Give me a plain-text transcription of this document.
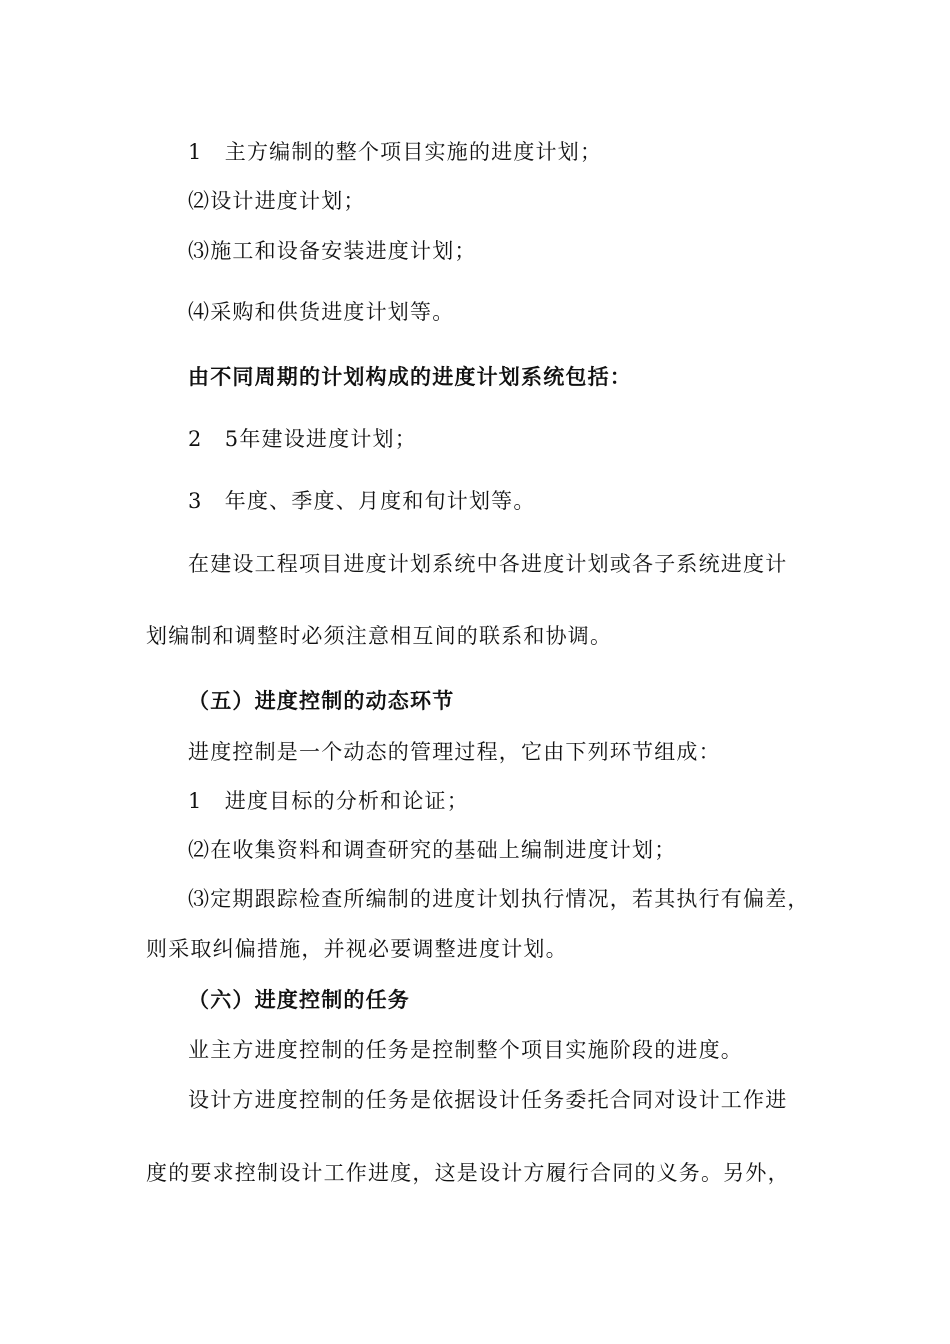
1　主方编制的整个项目实施的进度计划；
⑵设计进度计划；
⑶施工和设备安装进度计划；
⑷采购和供货进度计划等。
由不同周期的计划构成的进度计划系统包括：
2　5年建设进度计划；
3　年度、季度、月度和旬计划等。
在建设工程项目进度计划系统中各进度计划或各子系统进度计
划编制和调整时必须注意相互间的联系和协调。
（五）进度控制的动态环节
进度控制是一个动态的管理过程，它由下列环节组成：
1　进度目标的分析和论证；
⑵在收集资料和调查研究的基础上编制进度计划；
⑶定期跟踪检查所编制的进度计划执行情况，若其执行有偏差，
则采取纠偏措施，并视必要调整进度计划。
（六）进度控制的任务
业主方进度控制的任务是控制整个项目实施阶段的进度。
设计方进度控制的任务是依据设计任务委托合同对设计工作进
度的要求控制设计工作进度，这是设计方履行合同的义务。另外，
